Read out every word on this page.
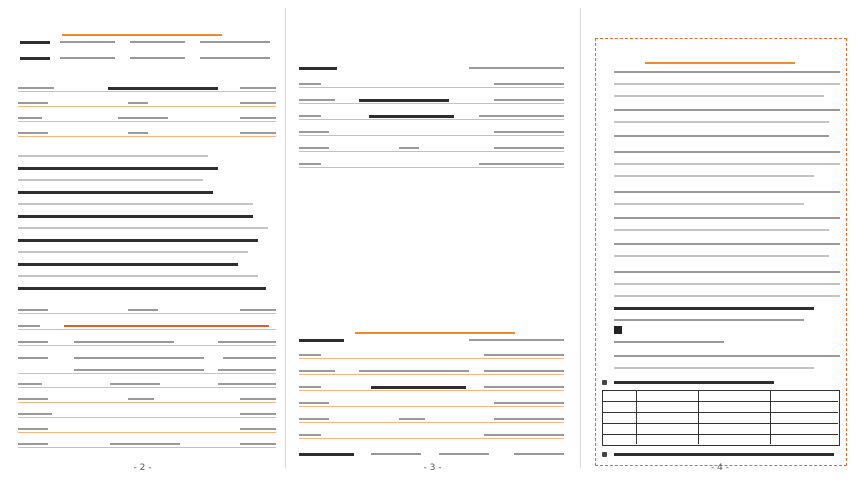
- 2 -	- 3 -	- 4 -
